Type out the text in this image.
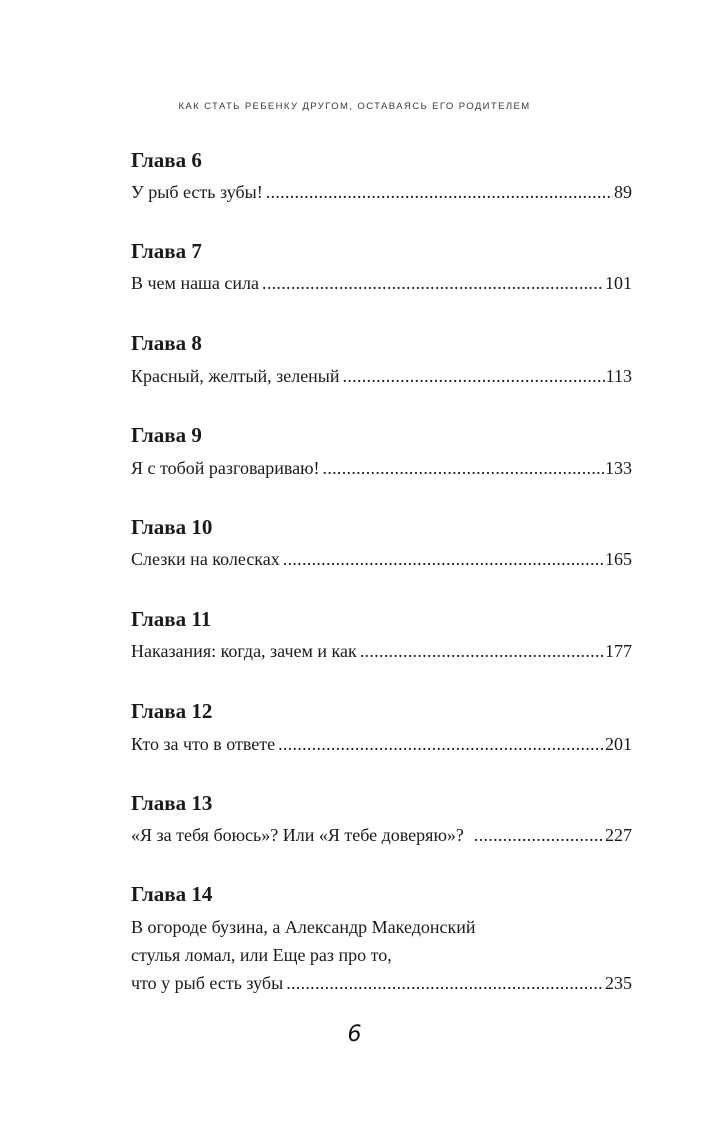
КАК СТАТЬ РЕБЕНКУ ДРУГОМ, ОСТАВАЯСЬ ЕГО РОДИТЕЛЕМ
Глава 6
У рыб есть зубы! .....	89
Глава 7
В чем наша сила .....	101
Глава 8
Красный, желтый, зеленый .....	113
Глава 9
Я с тобой разговариваю! .....	133
Глава 10
Слезки на колесках .....	165
Глава 11
Наказания: когда, зачем и как .....	177
Глава 12
Кто за что в ответе .....	201
Глава 13
«Я за тебя боюсь»? Или «Я тебе доверяю»? .....	227
Глава 14
В огороде бузина, а Александр Македонский
стулья ломал, или Еще раз про то,
что у рыб есть зубы .....	235
6
